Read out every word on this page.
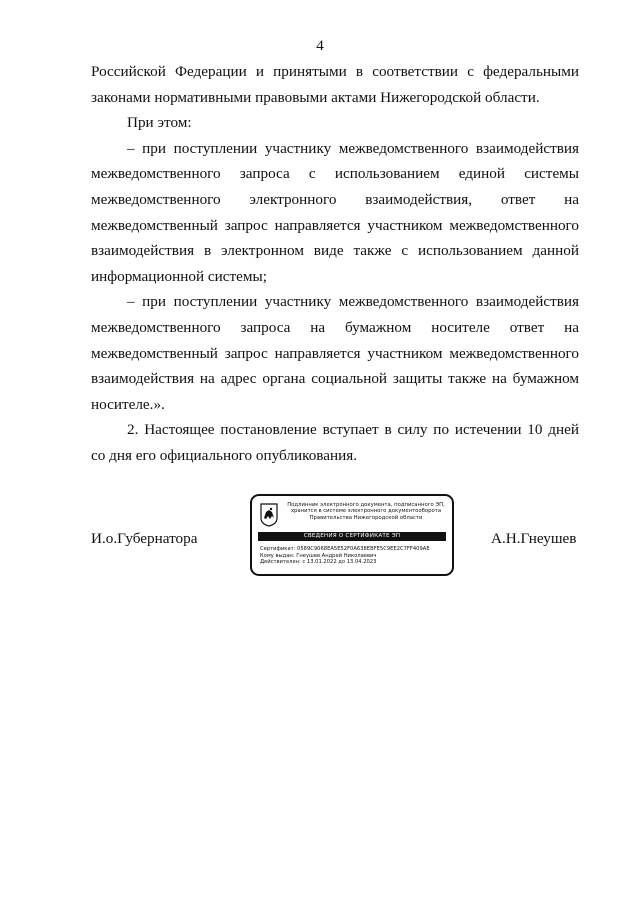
4

Российской Федерации и принятыми в соответствии с федеральными законами нормативными правовыми актами Нижегородской области.

При этом:

– при поступлении участнику межведомственного взаимодействия межведомственного запроса с использованием единой системы межведомственного электронного взаимодействия, ответ на межведомственный запрос направляется участником межведомственного взаимодействия в электронном виде также с использованием данной информационной системы;

– при поступлении участнику межведомственного взаимодействия межведомственного запроса на бумажном носителе ответ на межведомственный запрос направляется участником межведомственного взаимодействия на адрес органа социальной защиты также на бумажном носителе.».

2. Настоящее постановление вступает в силу по истечении 10 дней со дня его официального опубликования.

И.о.Губернатора
Подлинник электронного документа, подписанного ЭП,
хранится в системе электронного документооборота
Правительства Нижегородской области
СВЕДЕНИЯ О СЕРТИФИКАТЕ ЭП
Сертификат: 0589C9068EA5E52F0A638EBFE5C9EE2C7FF409AE
Кому выдан: Гнеушев Андрей Николаевич
Действителен: с 13.01.2022 до 13.04.2023
А.Н.Гнеушев
